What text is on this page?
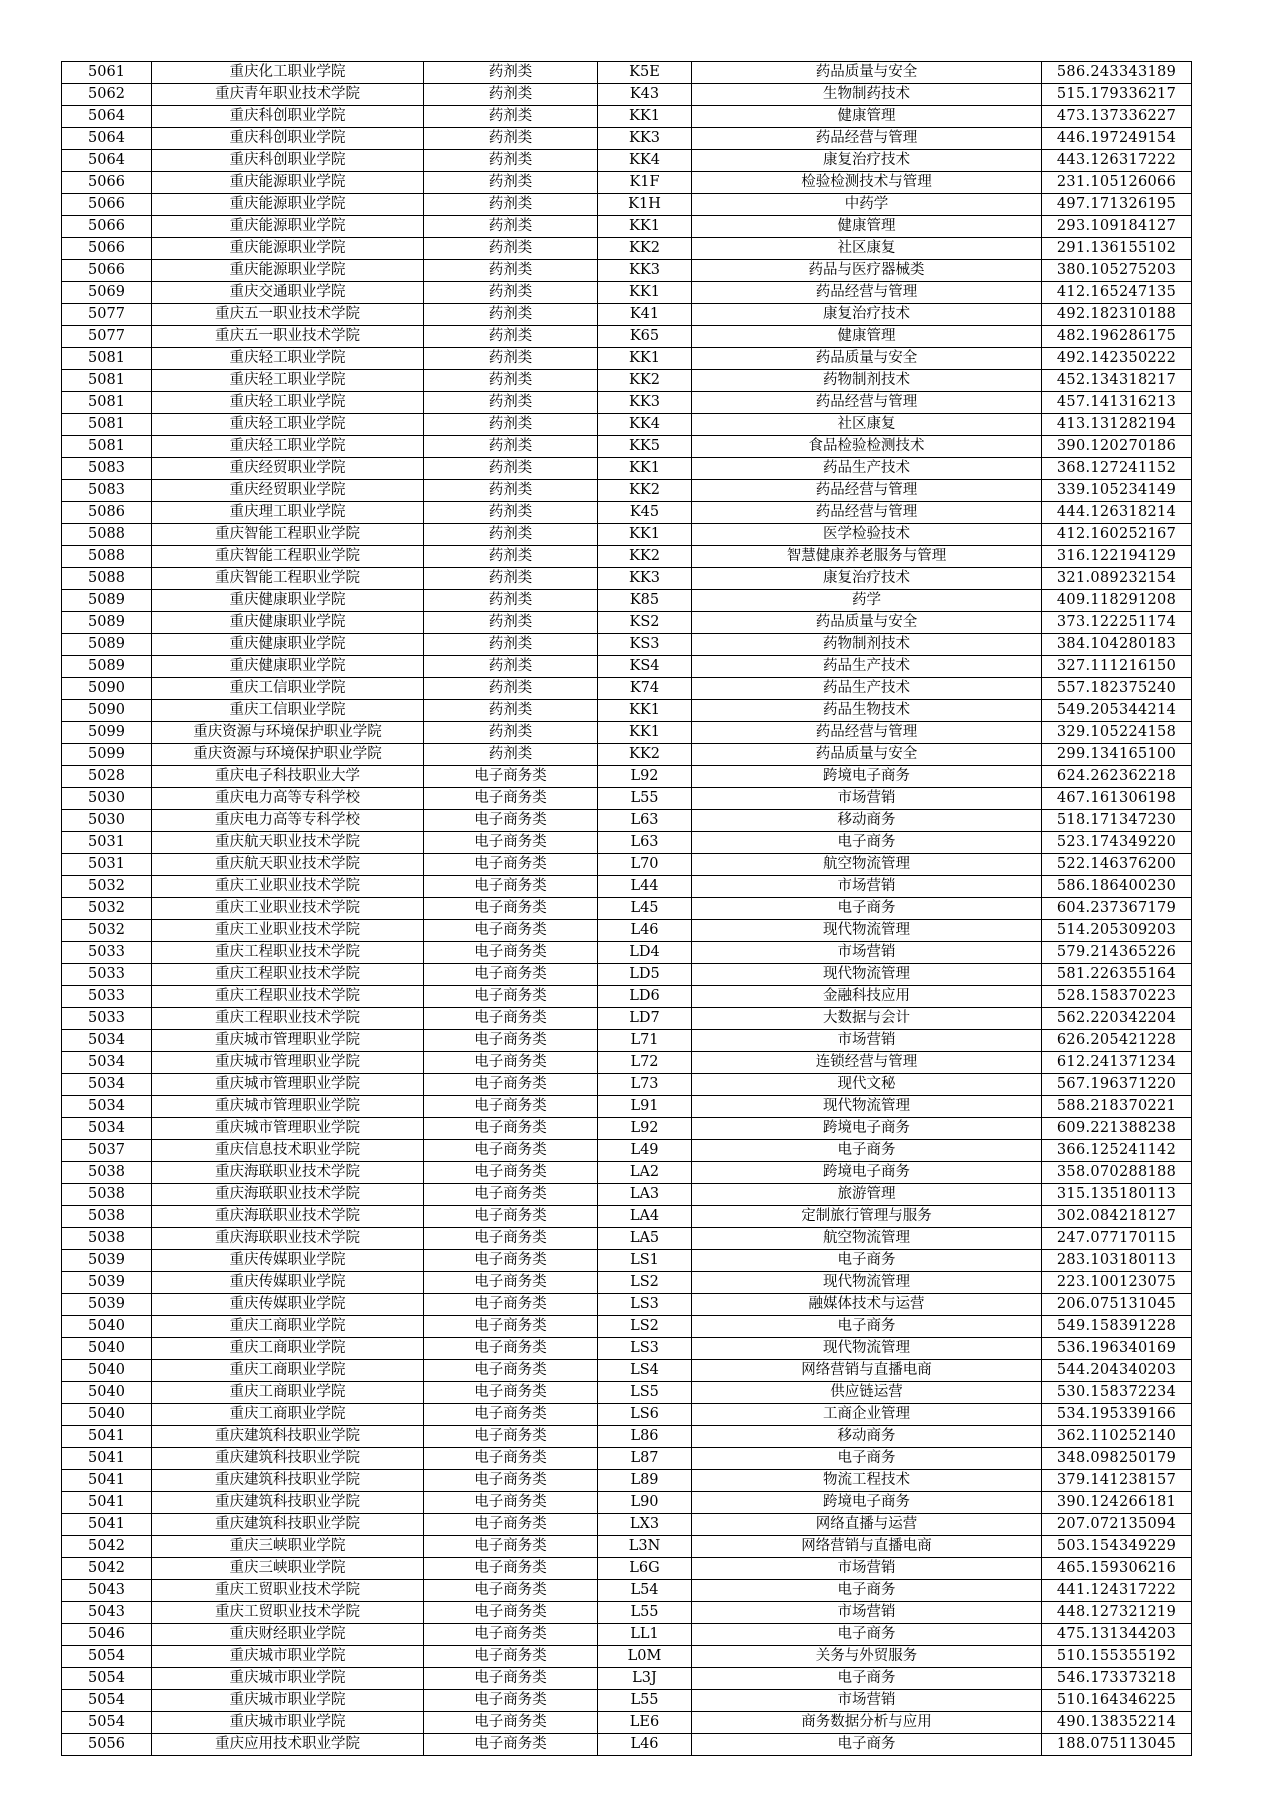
5061	重庆化工职业学院	药剂类	K5E	药品质量与安全	586.243343189
5062	重庆青年职业技术学院	药剂类	K43	生物制药技术	515.179336217
5064	重庆科创职业学院	药剂类	KK1	健康管理	473.137336227
5064	重庆科创职业学院	药剂类	KK3	药品经营与管理	446.197249154
5064	重庆科创职业学院	药剂类	KK4	康复治疗技术	443.126317222
5066	重庆能源职业学院	药剂类	K1F	检验检测技术与管理	231.105126066
5066	重庆能源职业学院	药剂类	K1H	中药学	497.171326195
5066	重庆能源职业学院	药剂类	KK1	健康管理	293.109184127
5066	重庆能源职业学院	药剂类	KK2	社区康复	291.136155102
5066	重庆能源职业学院	药剂类	KK3	药品与医疗器械类	380.105275203
5069	重庆交通职业学院	药剂类	KK1	药品经营与管理	412.165247135
5077	重庆五一职业技术学院	药剂类	K41	康复治疗技术	492.182310188
5077	重庆五一职业技术学院	药剂类	K65	健康管理	482.196286175
5081	重庆轻工职业学院	药剂类	KK1	药品质量与安全	492.142350222
5081	重庆轻工职业学院	药剂类	KK2	药物制剂技术	452.134318217
5081	重庆轻工职业学院	药剂类	KK3	药品经营与管理	457.141316213
5081	重庆轻工职业学院	药剂类	KK4	社区康复	413.131282194
5081	重庆轻工职业学院	药剂类	KK5	食品检验检测技术	390.120270186
5083	重庆经贸职业学院	药剂类	KK1	药品生产技术	368.127241152
5083	重庆经贸职业学院	药剂类	KK2	药品经营与管理	339.105234149
5086	重庆理工职业学院	药剂类	K45	药品经营与管理	444.126318214
5088	重庆智能工程职业学院	药剂类	KK1	医学检验技术	412.160252167
5088	重庆智能工程职业学院	药剂类	KK2	智慧健康养老服务与管理	316.122194129
5088	重庆智能工程职业学院	药剂类	KK3	康复治疗技术	321.089232154
5089	重庆健康职业学院	药剂类	K85	药学	409.118291208
5089	重庆健康职业学院	药剂类	KS2	药品质量与安全	373.122251174
5089	重庆健康职业学院	药剂类	KS3	药物制剂技术	384.104280183
5089	重庆健康职业学院	药剂类	KS4	药品生产技术	327.111216150
5090	重庆工信职业学院	药剂类	K74	药品生产技术	557.182375240
5090	重庆工信职业学院	药剂类	KK1	药品生物技术	549.205344214
5099	重庆资源与环境保护职业学院	药剂类	KK1	药品经营与管理	329.105224158
5099	重庆资源与环境保护职业学院	药剂类	KK2	药品质量与安全	299.134165100
5028	重庆电子科技职业大学	电子商务类	L92	跨境电子商务	624.262362218
5030	重庆电力高等专科学校	电子商务类	L55	市场营销	467.161306198
5030	重庆电力高等专科学校	电子商务类	L63	移动商务	518.171347230
5031	重庆航天职业技术学院	电子商务类	L63	电子商务	523.174349220
5031	重庆航天职业技术学院	电子商务类	L70	航空物流管理	522.146376200
5032	重庆工业职业技术学院	电子商务类	L44	市场营销	586.186400230
5032	重庆工业职业技术学院	电子商务类	L45	电子商务	604.237367179
5032	重庆工业职业技术学院	电子商务类	L46	现代物流管理	514.205309203
5033	重庆工程职业技术学院	电子商务类	LD4	市场营销	579.214365226
5033	重庆工程职业技术学院	电子商务类	LD5	现代物流管理	581.226355164
5033	重庆工程职业技术学院	电子商务类	LD6	金融科技应用	528.158370223
5033	重庆工程职业技术学院	电子商务类	LD7	大数据与会计	562.220342204
5034	重庆城市管理职业学院	电子商务类	L71	市场营销	626.205421228
5034	重庆城市管理职业学院	电子商务类	L72	连锁经营与管理	612.241371234
5034	重庆城市管理职业学院	电子商务类	L73	现代文秘	567.196371220
5034	重庆城市管理职业学院	电子商务类	L91	现代物流管理	588.218370221
5034	重庆城市管理职业学院	电子商务类	L92	跨境电子商务	609.221388238
5037	重庆信息技术职业学院	电子商务类	L49	电子商务	366.125241142
5038	重庆海联职业技术学院	电子商务类	LA2	跨境电子商务	358.070288188
5038	重庆海联职业技术学院	电子商务类	LA3	旅游管理	315.135180113
5038	重庆海联职业技术学院	电子商务类	LA4	定制旅行管理与服务	302.084218127
5038	重庆海联职业技术学院	电子商务类	LA5	航空物流管理	247.077170115
5039	重庆传媒职业学院	电子商务类	LS1	电子商务	283.103180113
5039	重庆传媒职业学院	电子商务类	LS2	现代物流管理	223.100123075
5039	重庆传媒职业学院	电子商务类	LS3	融媒体技术与运营	206.075131045
5040	重庆工商职业学院	电子商务类	LS2	电子商务	549.158391228
5040	重庆工商职业学院	电子商务类	LS3	现代物流管理	536.196340169
5040	重庆工商职业学院	电子商务类	LS4	网络营销与直播电商	544.204340203
5040	重庆工商职业学院	电子商务类	LS5	供应链运营	530.158372234
5040	重庆工商职业学院	电子商务类	LS6	工商企业管理	534.195339166
5041	重庆建筑科技职业学院	电子商务类	L86	移动商务	362.110252140
5041	重庆建筑科技职业学院	电子商务类	L87	电子商务	348.098250179
5041	重庆建筑科技职业学院	电子商务类	L89	物流工程技术	379.141238157
5041	重庆建筑科技职业学院	电子商务类	L90	跨境电子商务	390.124266181
5041	重庆建筑科技职业学院	电子商务类	LX3	网络直播与运营	207.072135094
5042	重庆三峡职业学院	电子商务类	L3N	网络营销与直播电商	503.154349229
5042	重庆三峡职业学院	电子商务类	L6G	市场营销	465.159306216
5043	重庆工贸职业技术学院	电子商务类	L54	电子商务	441.124317222
5043	重庆工贸职业技术学院	电子商务类	L55	市场营销	448.127321219
5046	重庆财经职业学院	电子商务类	LL1	电子商务	475.131344203
5054	重庆城市职业学院	电子商务类	L0M	关务与外贸服务	510.155355192
5054	重庆城市职业学院	电子商务类	L3J	电子商务	546.173373218
5054	重庆城市职业学院	电子商务类	L55	市场营销	510.164346225
5054	重庆城市职业学院	电子商务类	LE6	商务数据分析与应用	490.138352214
5056	重庆应用技术职业学院	电子商务类	L46	电子商务	188.075113045
